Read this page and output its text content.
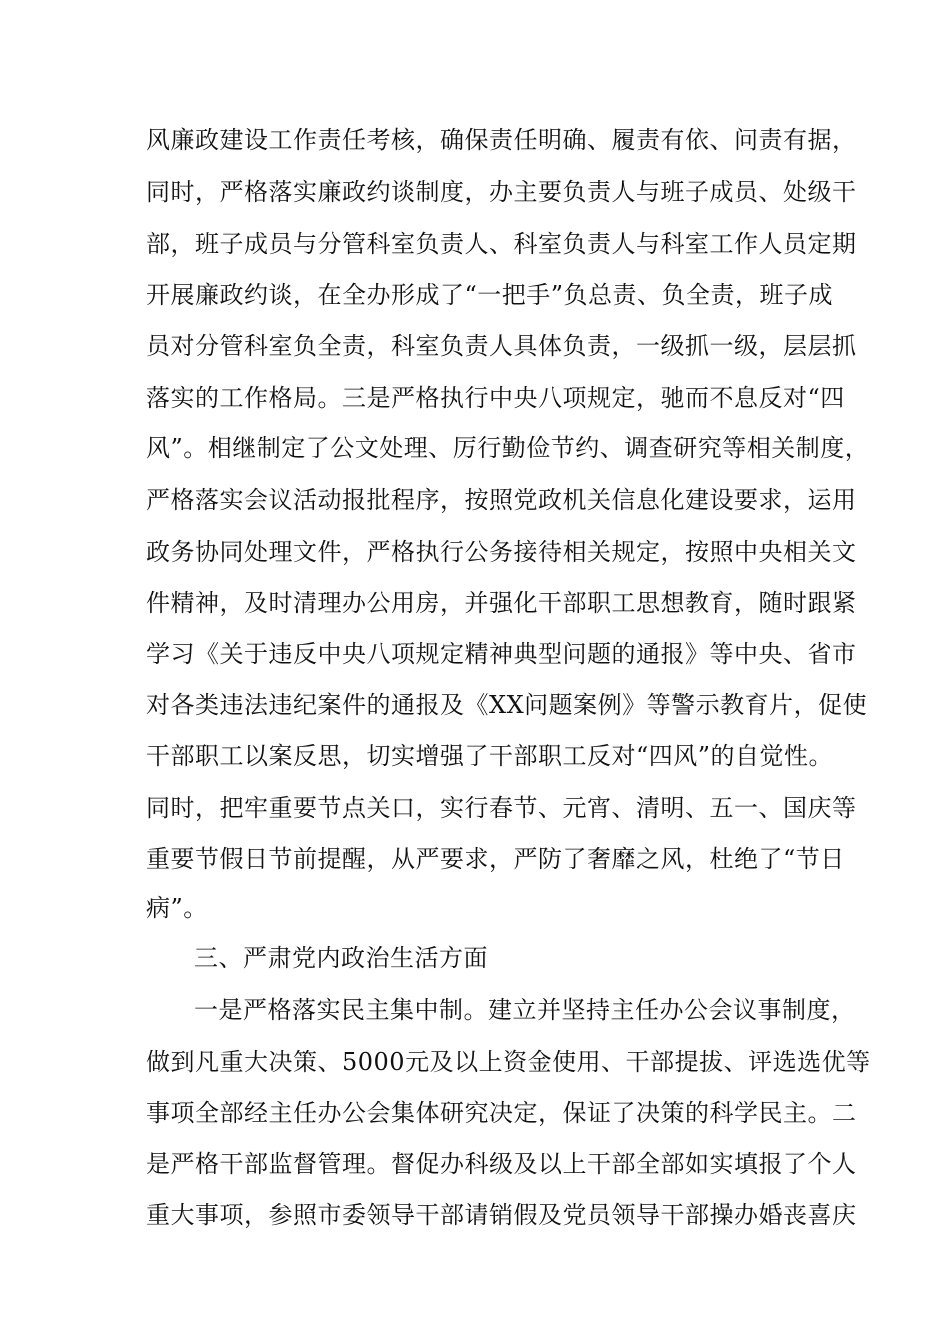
风廉政建设工作责任考核，确保责任明确、履责有依、问责有据，
同时，严格落实廉政约谈制度，办主要负责人与班子成员、处级干
部，班子成员与分管科室负责人、科室负责人与科室工作人员定期
开展廉政约谈，在全办形成了“一把手”负总责、负全责，班子成
员对分管科室负全责，科室负责人具体负责，一级抓一级，层层抓
落实的工作格局。三是严格执行中央八项规定，驰而不息反对“四
风”。相继制定了公文处理、厉行勤俭节约、调查研究等相关制度，
严格落实会议活动报批程序，按照党政机关信息化建设要求，运用
政务协同处理文件，严格执行公务接待相关规定，按照中央相关文
件精神，及时清理办公用房，并强化干部职工思想教育，随时跟紧
学习《关于违反中央八项规定精神典型问题的通报》等中央、省市
对各类违法违纪案件的通报及《XX问题案例》等警示教育片，促使
干部职工以案反思，切实增强了干部职工反对“四风”的自觉性。
同时，把牢重要节点关口，实行春节、元宵、清明、五一、国庆等
重要节假日节前提醒，从严要求，严防了奢靡之风，杜绝了“节日
病”。
三、严肃党内政治生活方面
一是严格落实民主集中制。建立并坚持主任办公会议事制度，
做到凡重大决策、5000元及以上资金使用、干部提拔、评选选优等
事项全部经主任办公会集体研究决定，保证了决策的科学民主。二
是严格干部监督管理。督促办科级及以上干部全部如实填报了个人
重大事项，参照市委领导干部请销假及党员领导干部操办婚丧喜庆
